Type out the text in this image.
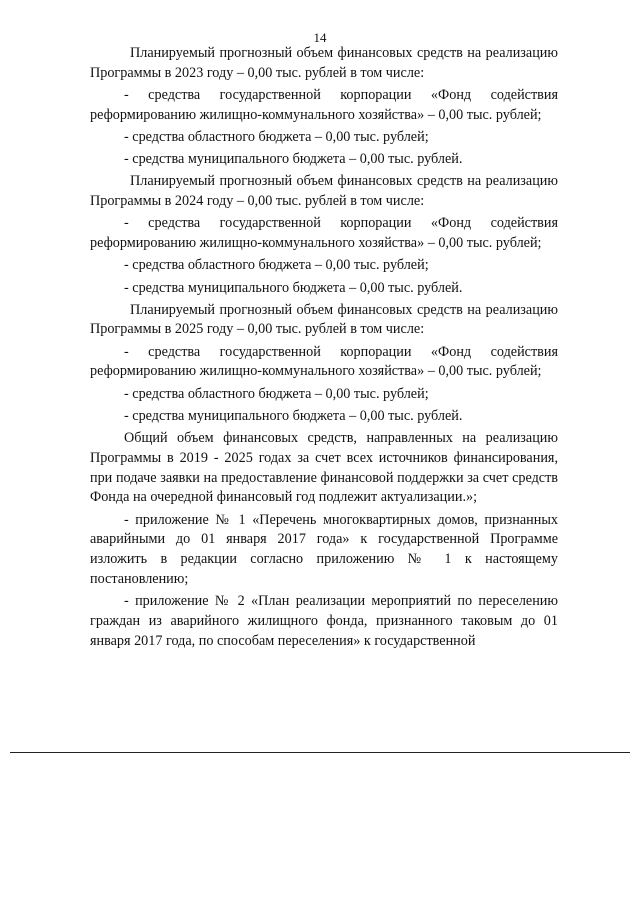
14

Планируемый прогнозный объем финансовых средств на реализацию Программы в 2023 году – 0,00 тыс. рублей в том числе:

- средства государственной корпорации «Фонд содействия реформированию жилищно-коммунального хозяйства» – 0,00 тыс. рублей;

- средства областного бюджета – 0,00 тыс. рублей;

- средства муниципального бюджета – 0,00 тыс. рублей.

Планируемый прогнозный объем финансовых средств на реализацию Программы в 2024 году – 0,00 тыс. рублей в том числе:

- средства государственной корпорации «Фонд содействия реформированию жилищно-коммунального хозяйства» – 0,00 тыс. рублей;

- средства областного бюджета – 0,00 тыс. рублей;

- средства муниципального бюджета – 0,00 тыс. рублей.

Планируемый прогнозный объем финансовых средств на реализацию Программы в 2025 году – 0,00 тыс. рублей в том числе:

- средства государственной корпорации «Фонд содействия реформированию жилищно-коммунального хозяйства» – 0,00 тыс. рублей;

- средства областного бюджета – 0,00 тыс. рублей;

- средства муниципального бюджета – 0,00 тыс. рублей.

Общий объем финансовых средств, направленных на реализацию Программы в 2019 - 2025 годах за счет всех источников финансирования, при подаче заявки на предоставление финансовой поддержки за счет средств Фонда на очередной финансовый год подлежит актуализации.»;

- приложение № 1 «Перечень многоквартирных домов, признанных аварийными до 01 января 2017 года» к государственной Программе изложить в редакции согласно приложению № 1 к настоящему постановлению;

- приложение № 2 «План реализации мероприятий по переселению граждан из аварийного жилищного фонда, признанного таковым до 01 января 2017 года, по способам переселения» к государственной
